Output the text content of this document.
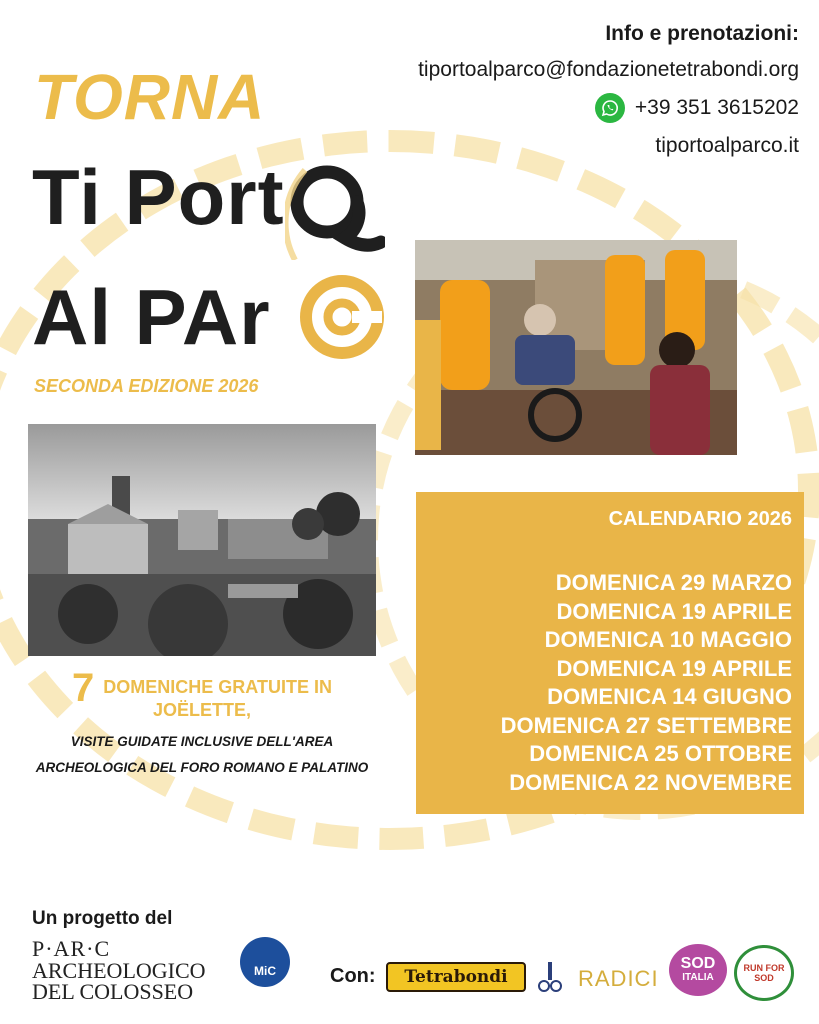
Info e prenotazioni:
tiportoalparco@fondazionetetrabondi.org
+39 351 3615202
tiportoalparco.it
TORNA
Ti Port
Al PAr
SECONDA EDIZIONE 2026
CALENDARIO 2026
DOMENICA 29 MARZO
DOMENICA 19 APRILE
DOMENICA 10 MAGGIO
DOMENICA 19 APRILE
DOMENICA 14 GIUGNO
DOMENICA 27 SETTEMBRE
DOMENICA 25 OTTOBRE
DOMENICA 22 NOVEMBRE
7 DOMENICHE GRATUITE IN
JOËLETTE,
VISITE GUIDATE INCLUSIVE DELL'AREA
ARCHEOLOGICA DEL FORO ROMANO E PALATINO
Un progetto del
P·AR·C
ARCHEOLOGICO
DEL COLOSSEO
MiC	Con: Tetrabondi	RADICI
SOD
ITALIA
RUN FOR SOD
